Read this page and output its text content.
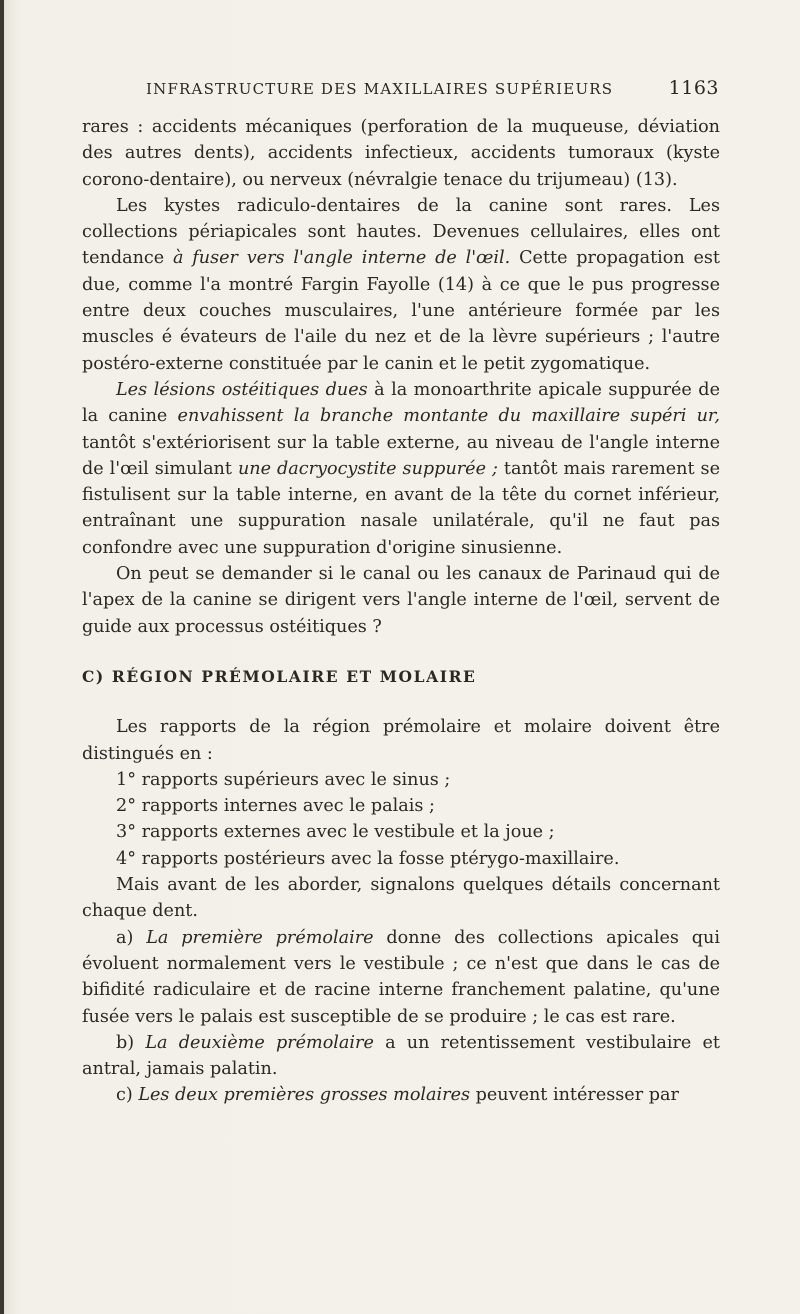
INFRASTRUCTURE DES MAXILLAIRES SUPÉRIEURS	1163

rares : accidents mécaniques (perforation de la muqueuse, déviation des autres dents), accidents infectieux, accidents tumoraux (kyste corono-dentaire), ou nerveux (névralgie tenace du trijumeau) (13).

Les kystes radiculo-dentaires de la canine sont rares. Les collections périapicales sont hautes. Devenues cellulaires, elles ont tendance à fuser vers l'angle interne de l'œil. Cette propagation est due, comme l'a montré Fargin Fayolle (14) à ce que le pus progresse entre deux couches musculaires, l'une antérieure formée par les muscles é évateurs de l'aile du nez et de la lèvre supérieurs ; l'autre postéro-externe constituée par le canin et le petit zygomatique.

Les lésions ostéitiques dues à la monoarthrite apicale suppurée de la canine envahissent la branche montante du maxillaire supéri ur, tantôt s'extériorisent sur la table externe, au niveau de l'angle interne de l'œil simulant une dacryocystite suppurée ; tantôt mais rarement se fistulisent sur la table interne, en avant de la tête du cornet inférieur, entraînant une suppuration nasale unilatérale, qu'il ne faut pas confondre avec une suppuration d'origine sinusienne.

On peut se demander si le canal ou les canaux de Parinaud qui de l'apex de la canine se dirigent vers l'angle interne de l'œil, servent de guide aux processus ostéitiques ?

C) RÉGION PRÉMOLAIRE ET MOLAIRE

Les rapports de la région prémolaire et molaire doivent être distingués en :

1° rapports supérieurs avec le sinus ;

2° rapports internes avec le palais ;

3° rapports externes avec le vestibule et la joue ;

4° rapports postérieurs avec la fosse ptérygo-maxillaire.

Mais avant de les aborder, signalons quelques détails concernant chaque dent.

a) La première prémolaire donne des collections apicales qui évoluent normalement vers le vestibule ; ce n'est que dans le cas de bifidité radiculaire et de racine interne franchement palatine, qu'une fusée vers le palais est susceptible de se produire ; le cas est rare.

b) La deuxième prémolaire a un retentissement vestibulaire et antral, jamais palatin.

c) Les deux premières grosses molaires peuvent intéresser par
